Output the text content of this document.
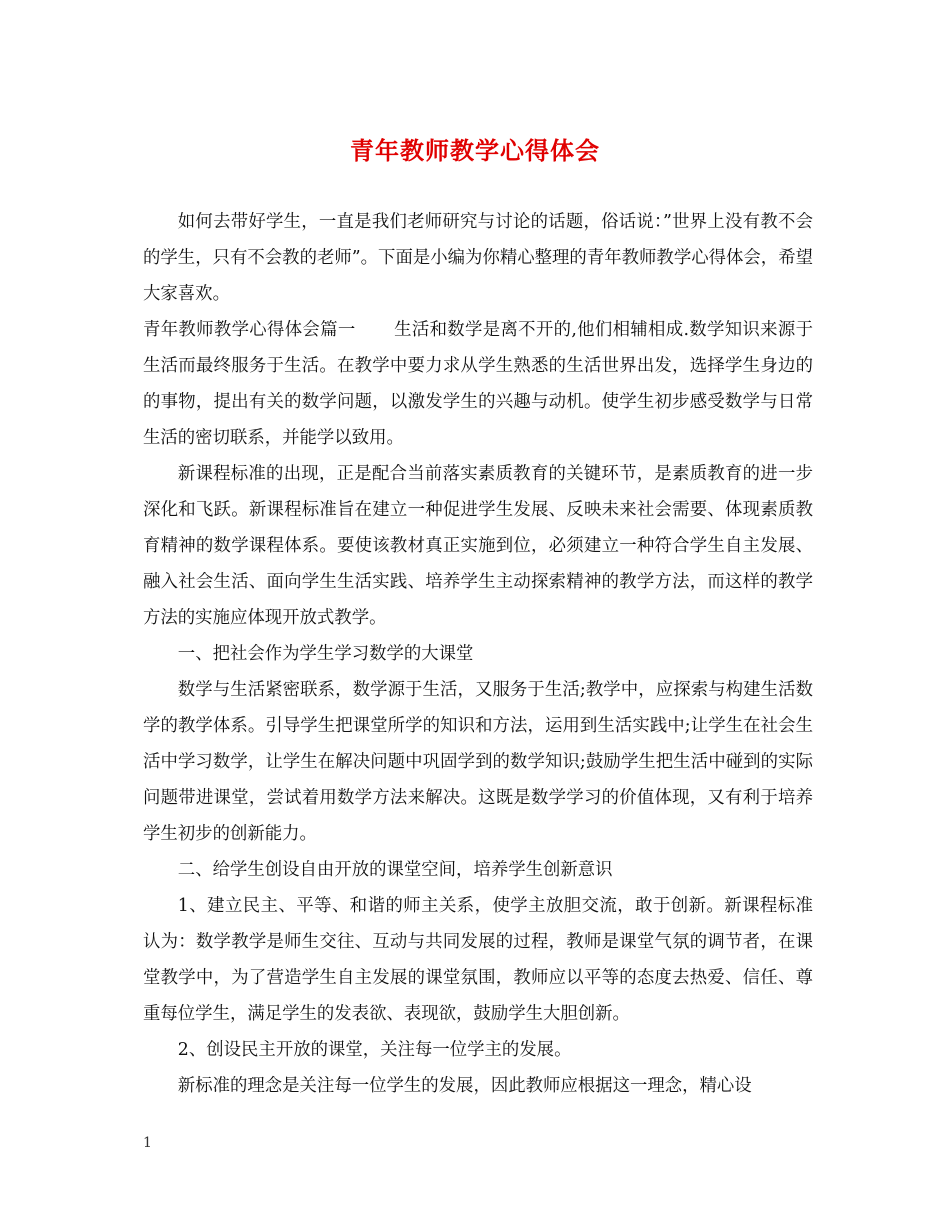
青年教师教学心得体会

如何去带好学生，一直是我们老师研究与讨论的话题，俗话说：”世界上没有教不会的学生，只有不会教的老师”。下面是小编为你精心整理的青年教师教学心得体会，希望大家喜欢。

青年教师教学心得体会篇一 生活和数学是离不开的,他们相辅相成.数学知识来源于生活而最终服务于生活。在教学中要力求从学生熟悉的生活世界出发，选择学生身边的的事物，提出有关的数学问题，以激发学生的兴趣与动机。使学生初步感受数学与日常生活的密切联系，并能学以致用。

新课程标准的出现，正是配合当前落实素质教育的关键环节，是素质教育的进一步深化和飞跃。新课程标准旨在建立一种促进学生发展、反映未来社会需要、体现素质教育精神的数学课程体系。要使该教材真正实施到位，必须建立一种符合学生自主发展、融入社会生活、面向学生生活实践、培养学生主动探索精神的教学方法，而这样的教学方法的实施应体现开放式教学。

一、把社会作为学生学习数学的大课堂

数学与生活紧密联系，数学源于生活，又服务于生活;教学中，应探索与构建生活数学的教学体系。引导学生把课堂所学的知识和方法，运用到生活实践中;让学生在社会生活中学习数学，让学生在解决问题中巩固学到的数学知识;鼓励学生把生活中碰到的实际问题带进课堂，尝试着用数学方法来解决。这既是数学学习的价值体现，又有利于培养学生初步的创新能力。

二、给学生创设自由开放的课堂空间，培养学生创新意识

1、建立民主、平等、和谐的师主关系，使学主放胆交流，敢于创新。新课程标准认为：数学教学是师生交往、互动与共同发展的过程，教师是课堂气氛的调节者，在课堂教学中，为了营造学生自主发展的课堂氛围，教师应以平等的态度去热爱、信任、尊重每位学生，满足学生的发表欲、表现欲，鼓励学生大胆创新。

2、创设民主开放的课堂，关注每一位学主的发展。

新标准的理念是关注每一位学生的发展，因此教师应根据这一理念，精心设

1
